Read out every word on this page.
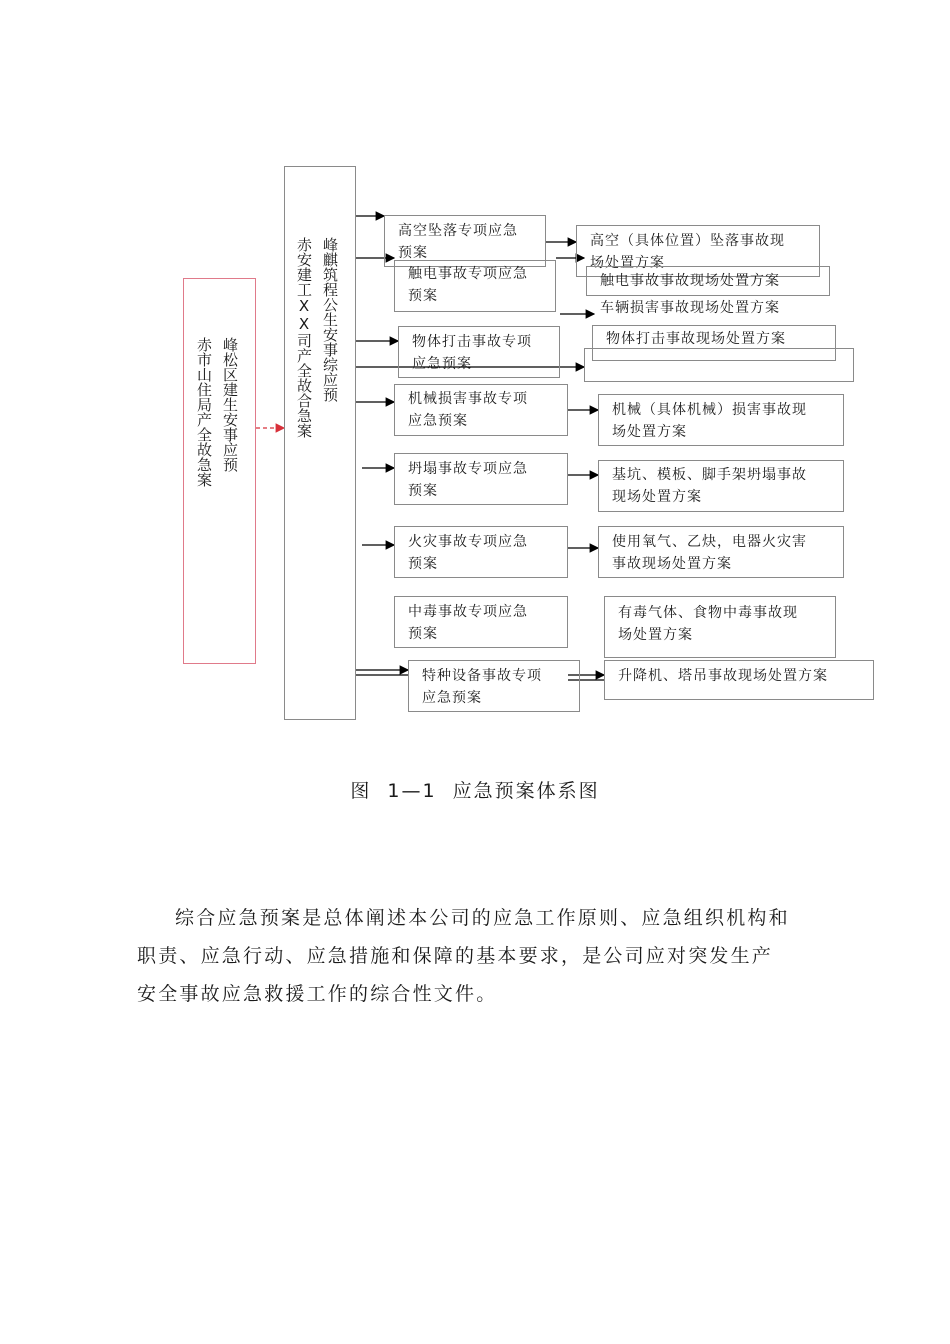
赤市山住局产全故急案 峰松区建生安事应预	赤安建工XX司产全故合急案 峰麒筑程公生安事综应预
高空坠落专项应急
预案
触电事故专项应急
预案
物体打击事故专项
应急预案
机械损害事故专项
应急预案
坍塌事故专项应急
预案
火灾事故专项应急
预案
中毒事故专项应急
预案
特种设备事故专项
应急预案
高空（具体位置）坠落事故现
场处置方案
触电事故事故现场处置方案
车辆损害事故现场处置方案
物体打击事故现场处置方案
机械（具体机械）损害事故现
场处置方案
基坑、模板、脚手架坍塌事故
现场处置方案
使用氧气、乙炔，电器火灾害
事故现场处置方案
有毒气体、食物中毒事故现
场处置方案
升降机、塔吊事故现场处置方案
图  1—1  应急预案体系图

综合应急预案是总体阐述本公司的应急工作原则、应急组织机构和

职责、应急行动、应急措施和保障的基本要求，是公司应对突发生产

安全事故应急救援工作的综合性文件。
